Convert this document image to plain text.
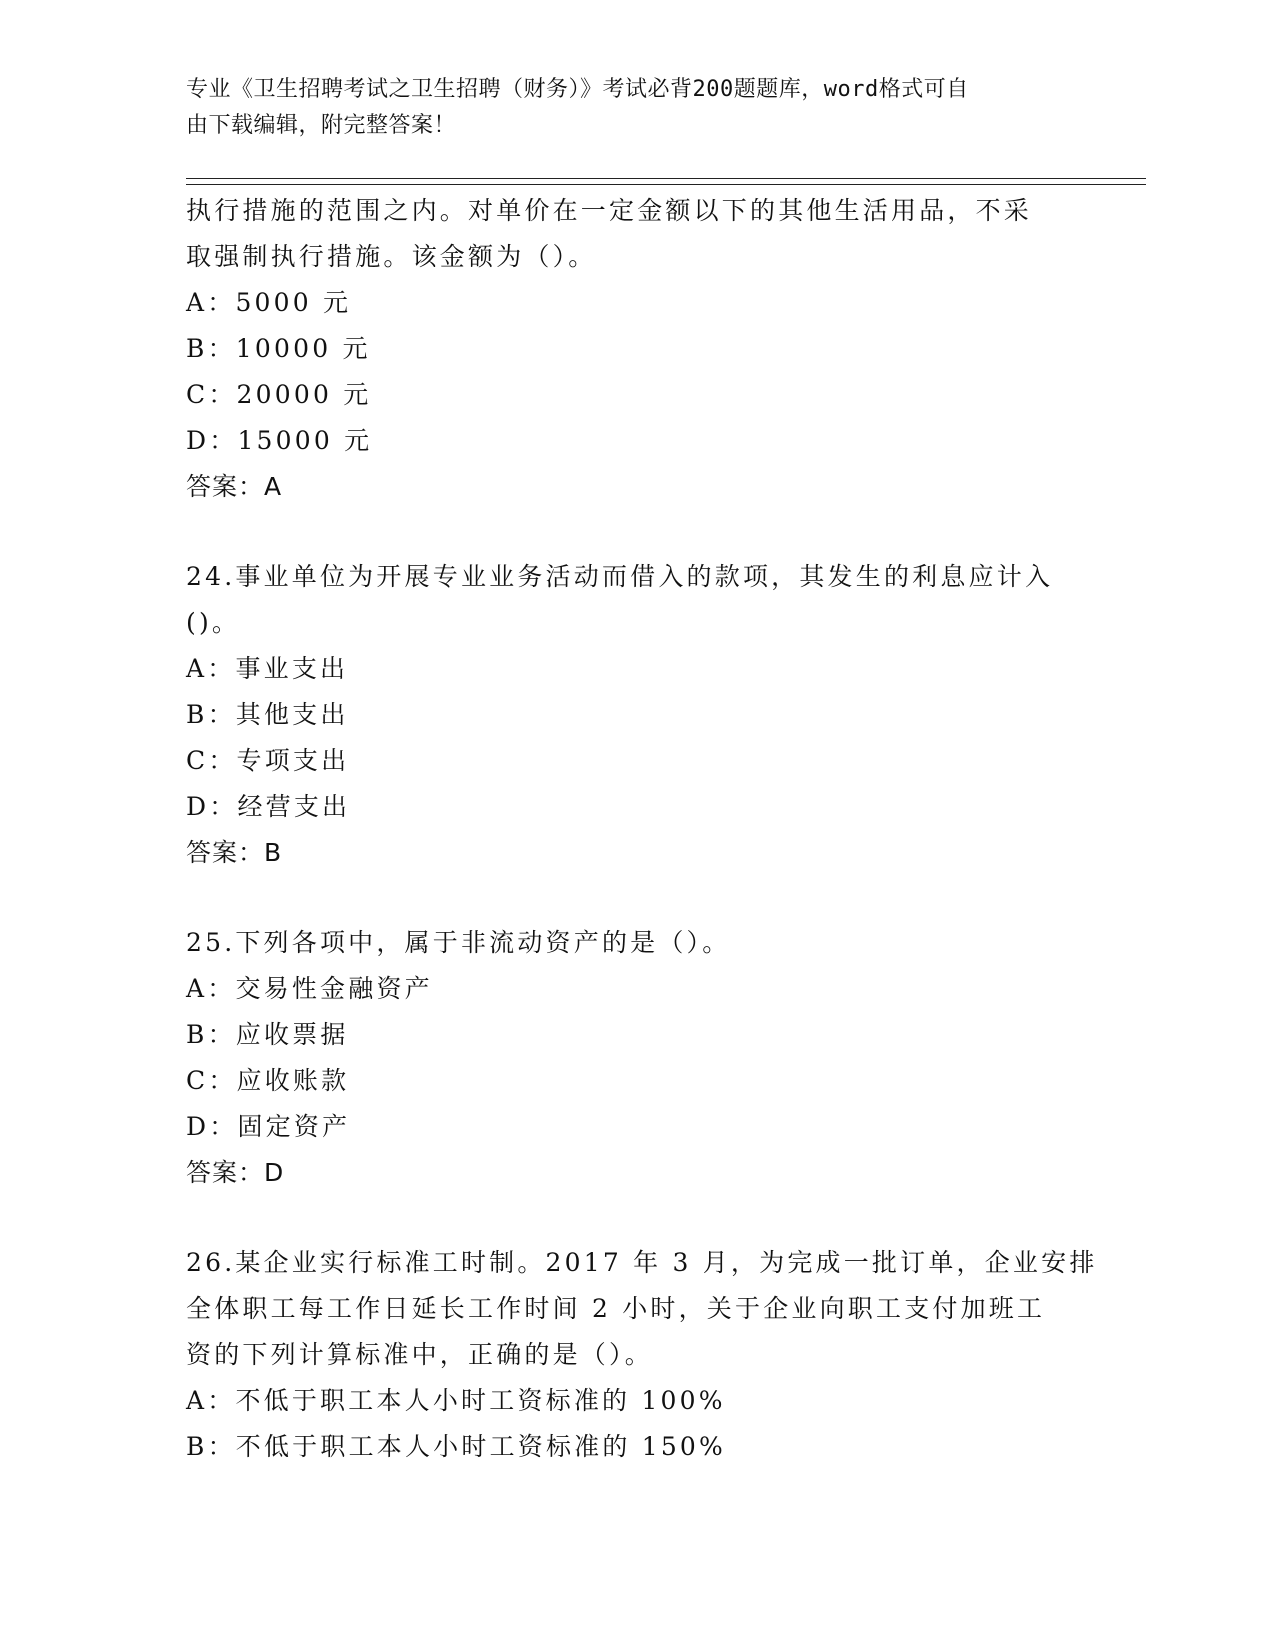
专业《卫生招聘考试之卫生招聘（财务）》考试必背200题题库，word格式可自
由下载编辑，附完整答案！
执行措施的范围之内。对单价在一定金额以下的其他生活用品，不采
取强制执行措施。该金额为（）。
A：5000 元
B：10000 元
C：20000 元
D：15000 元
答案：A
24.事业单位为开展专业业务活动而借入的款项，其发生的利息应计入
()。
A：事业支出
B：其他支出
C：专项支出
D：经营支出
答案：B
25.下列各项中，属于非流动资产的是（）。
A：交易性金融资产
B：应收票据
C：应收账款
D：固定资产
答案：D
26.某企业实行标准工时制。2017 年 3 月，为完成一批订单，企业安排
全体职工每工作日延长工作时间 2 小时，关于企业向职工支付加班工
资的下列计算标准中，正确的是（）。
A：不低于职工本人小时工资标准的 100%
B：不低于职工本人小时工资标准的 150%
